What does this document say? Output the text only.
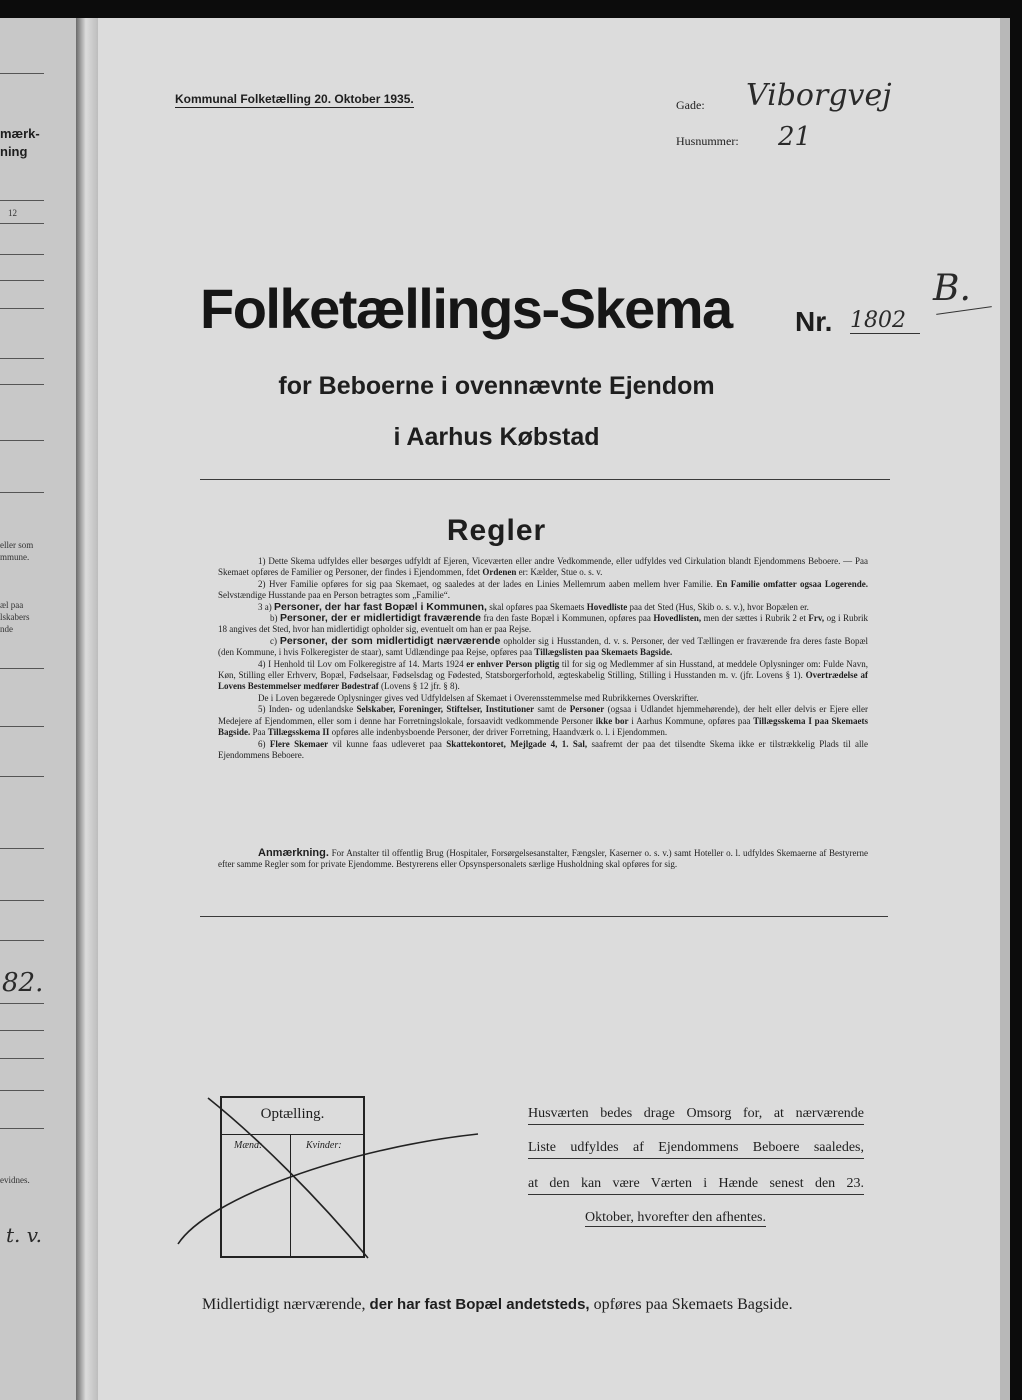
mærk-
ning
12
eller som
mmune.
æl paa
lskabers
nde
82.
evidnes.
t. v.
Kommunal Folketælling 20. Oktober 1935.	Gade: Viborgvej
Husnummer: 21
Folketællings-Skema Nr. 1802
B.
for Beboerne i ovennævnte Ejendom
i Aarhus Købstad
Regler

1) Dette Skema udfyldes eller besørges udfyldt af Ejeren, Viceværten eller andre Vedkommende, eller udfyldes ved Cirkulation blandt Ejendommens Beboere. — Paa Skemaet opføres de Familier og Personer, der findes i Ejendommen, fdet Ordenen er: Kælder, Stue o. s. v.

2) Hver Familie opføres for sig paa Skemaet, og saaledes at der lades en Linies Mellemrum aaben mellem hver Familie. En Familie omfatter ogsaa Logerende. Selvstændige Husstande paa en Person betragtes som „Familie“.

3 a) Personer, der har fast Bopæl i Kommunen, skal opføres paa Skemaets Hovedliste paa det Sted (Hus, Skib o. s. v.), hvor Bopælen er.

b) Personer, der er midlertidigt fraværende fra den faste Bopæl i Kommunen, opføres paa Hovedlisten, men der sættes i Rubrik 2 et Frv, og i Rubrik 18 angives det Sted, hvor han midlertidigt opholder sig, eventuelt om han er paa Rejse.

c) Personer, der som midlertidigt nærværende opholder sig i Husstanden, d. v. s. Personer, der ved Tællingen er fraværende fra deres faste Bopæl (den Kommune, i hvis Folkeregister de staar), samt Udlændinge paa Rejse, opføres paa Tillægslisten paa Skemaets Bagside.

4) I Henhold til Lov om Folkeregistre af 14. Marts 1924 er enhver Person pligtig til for sig og Medlemmer af sin Husstand, at meddele Oplysninger om: Fulde Navn, Køn, Stilling eller Erhverv, Bopæl, Fødselsaar, Fødselsdag og Fødested, Statsborgerforhold, ægteskabelig Stilling, Stilling i Husstanden m. v. (jfr. Lovens § 1). Overtrædelse af Lovens Bestemmelser medfører Bødestraf (Lovens § 12 jfr. § 8).

De i Loven begærede Oplysninger gives ved Udfyldelsen af Skemaet i Overensstemmelse med Rubrikkernes Overskrifter.

5) Inden- og udenlandske Selskaber, Foreninger, Stiftelser, Institutioner samt de Personer (ogsaa i Udlandet hjemmehørende), der helt eller delvis er Ejere eller Medejere af Ejendommen, eller som i denne har Forretningslokale, forsaavidt vedkommende Personer ikke bor i Aarhus Kommune, opføres paa Tillægsskema I paa Skemaets Bagside. Paa Tillægsskema II opføres alle indenbysboende Personer, der driver Forretning, Haandværk o. l. i Ejendommen.

6) Flere Skemaer vil kunne faas udleveret paa Skattekontoret, Mejlgade 4, 1. Sal, saafremt der paa det tilsendte Skema ikke er tilstrækkelig Plads til alle Ejendommens Beboere.

Anmærkning. For Anstalter til offentlig Brug (Hospitaler, Forsørgelsesanstalter, Fængsler, Kaserner o. s. v.) samt Hoteller o. l. udfyldes Skemaerne af Bestyrerne efter samme Regler som for private Ejendomme. Bestyrerens eller Opsynspersonalets særlige Husholdning skal opføres for sig.
Optælling.
Mænd:	Kvinder:
Husværten bedes drage Omsorg for, at nærværende
Liste udfyldes af Ejendommens Beboere saaledes,
at den kan være Værten i Hænde senest den 23.
Oktober, hvorefter den afhentes.
Midlertidigt nærværende, der har fast Bopæl andetsteds, opføres paa Skemaets Bagside.
